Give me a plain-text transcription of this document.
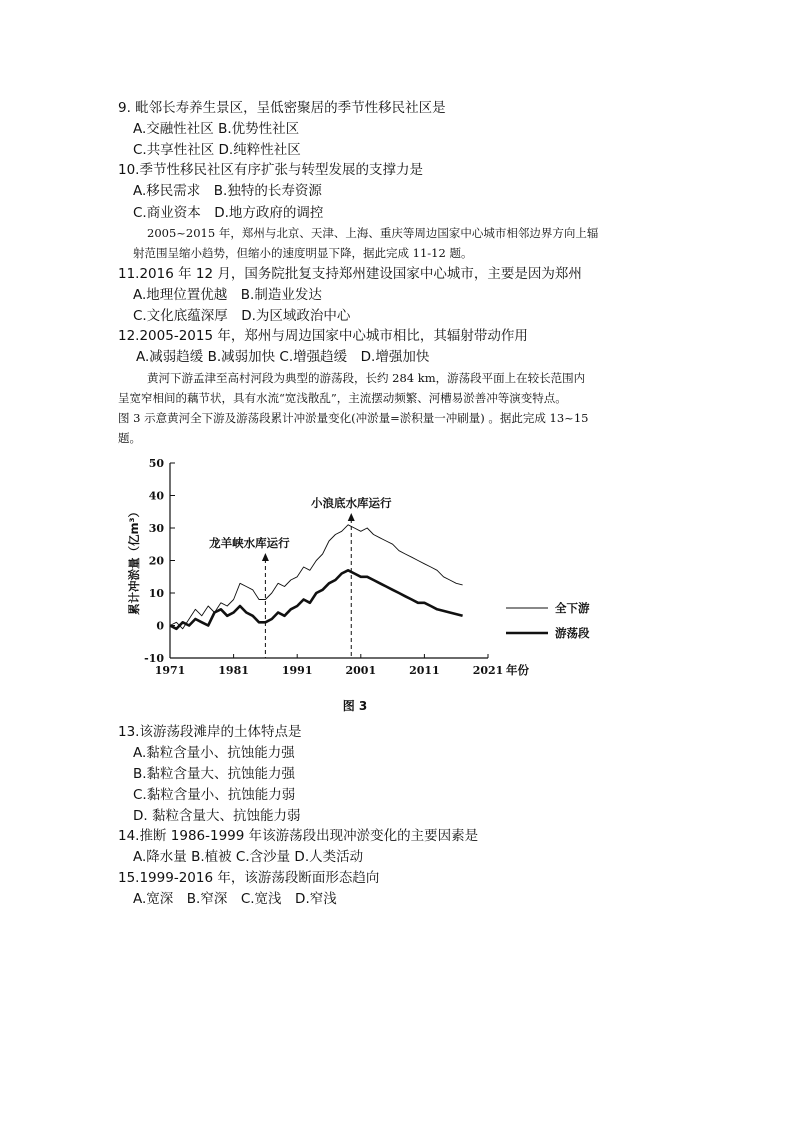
9. 毗邻长寿养生景区，呈低密聚居的季节性移民社区是
A.交融性社区 B.优势性社区
C.共享性社区 D.纯粹性社区
10.季节性移民社区有序扩张与转型发展的支撑力是
A.移民需求　B.独特的长寿资源
C.商业资本　D.地方政府的调控
2005~2015 年，郑州与北京、天津、上海、重庆等周边国家中心城市相邻边界方向上辐
射范围呈缩小趋势，但缩小的速度明显下降，据此完成 11-12 题。
11.2016 年 12 月，国务院批复支持郑州建设国家中心城市，主要是因为郑州
A.地理位置优越　B.制造业发达
C.文化底蕴深厚　D.为区域政治中心
12.2005-2015 年，郑州与周边国家中心城市相比，其辐射带动作用
A.减弱趋缓 B.减弱加快 C.增强趋缓　D.增强加快
黄河下游孟津至高村河段为典型的游荡段，长约 284 km，游荡段平面上在较长范围内
呈宽窄相间的藕节状，具有水流“宽浅散乱”，主流摆动频繁、河槽易淤善冲等演变特点。
图 3 示意黄河全下游及游荡段累计冲淤量变化(冲淤量=淤积量一冲刷量) 。据此完成 13~15
题。
-10
0
10
20
30
40
50
1971	1981	1991	2001	2011	2021 年份
累计冲淤量（亿m³）	龙羊峡水库运行
小浪底水库运行
全下游
游荡段
图 3
13.该游荡段滩岸的土体特点是
A.黏粒含量小、抗蚀能力强
B.黏粒含量大、抗蚀能力强
C.黏粒含量小、抗蚀能力弱
D. 黏粒含量大、抗蚀能力弱
14.推断 1986-1999 年该游荡段出现冲淤变化的主要因素是
A.降水量 B.植被 C.含沙量 D.人类活动
15.1999-2016 年，该游荡段断面形态趋向
A.宽深　B.窄深　C.宽浅　D.窄浅
